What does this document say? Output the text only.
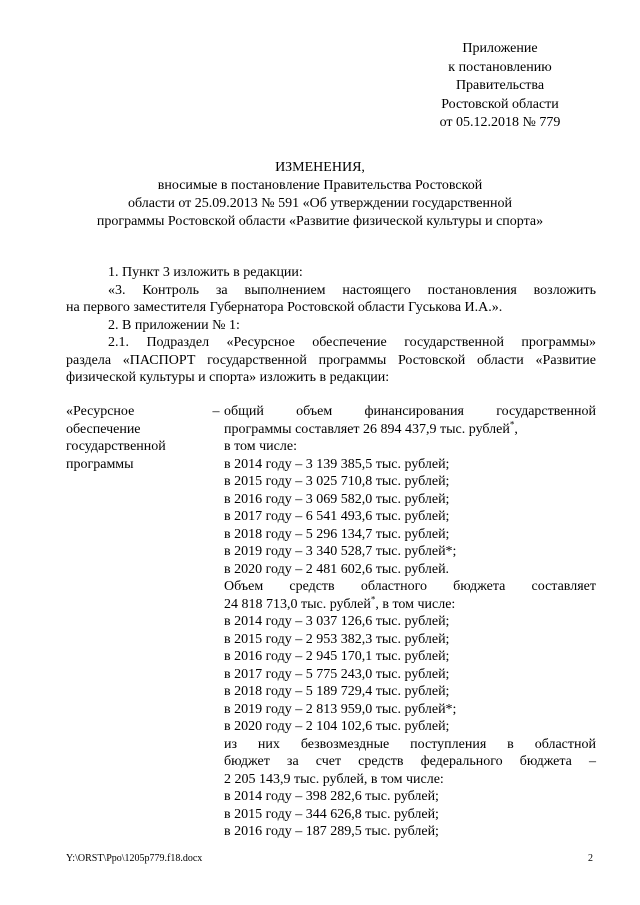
Приложение
к постановлению
Правительства
Ростовской области
от 05.12.2018 № 779
ИЗМЕНЕНИЯ,
вносимые в постановление Правительства Ростовской
области от 25.09.2013 № 591 «Об утверждении государственной
программы Ростовской области «Развитие физической культуры и спорта»

1. Пункт 3 изложить в редакции:

«3. Контроль за выполнением настоящего постановления возложить

на первого заместителя Губернатора Ростовской области Гуськова И.А.».

2. В приложении № 1:

2.1. Подраздел «Ресурсное обеспечение государственной программы»

раздела «ПАСПОРТ государственной программы Ростовской области «Развитие

физической культуры и спорта» изложить в редакции:

«Ресурсное
обеспечение
государственной
программы
– общий объем финансирования государственной
программы составляет 26 894 437,9 тыс. рублей*,
в том числе:
в 2014 году – 3 139 385,5 тыс. рублей;
в 2015 году – 3 025 710,8 тыс. рублей;
в 2016 году – 3 069 582,0 тыс. рублей;
в 2017 году – 6 541 493,6 тыс. рублей;
в 2018 году – 5 296 134,7 тыс. рублей;
в 2019 году – 3 340 528,7 тыс. рублей*;
в 2020 году – 2 481 602,6 тыс. рублей.
Объем средств областного бюджета составляет
24 818 713,0 тыс. рублей*, в том числе:
в 2014 году – 3 037 126,6 тыс. рублей;
в 2015 году – 2 953 382,3 тыс. рублей;
в 2016 году – 2 945 170,1 тыс. рублей;
в 2017 году – 5 775 243,0 тыс. рублей;
в 2018 году – 5 189 729,4 тыс. рублей;
в 2019 году – 2 813 959,0 тыс. рублей*;
в 2020 году – 2 104 102,6 тыс. рублей;
из них безвозмездные поступления в областной
бюджет за счет средств федерального бюджета –
2 205 143,9 тыс. рублей, в том числе:
в 2014 году – 398 282,6 тыс. рублей;
в 2015 году – 344 626,8 тыс. рублей;
в 2016 году – 187 289,5 тыс. рублей;
Y:\ORST\Ppo\1205p779.f18.docx	2
